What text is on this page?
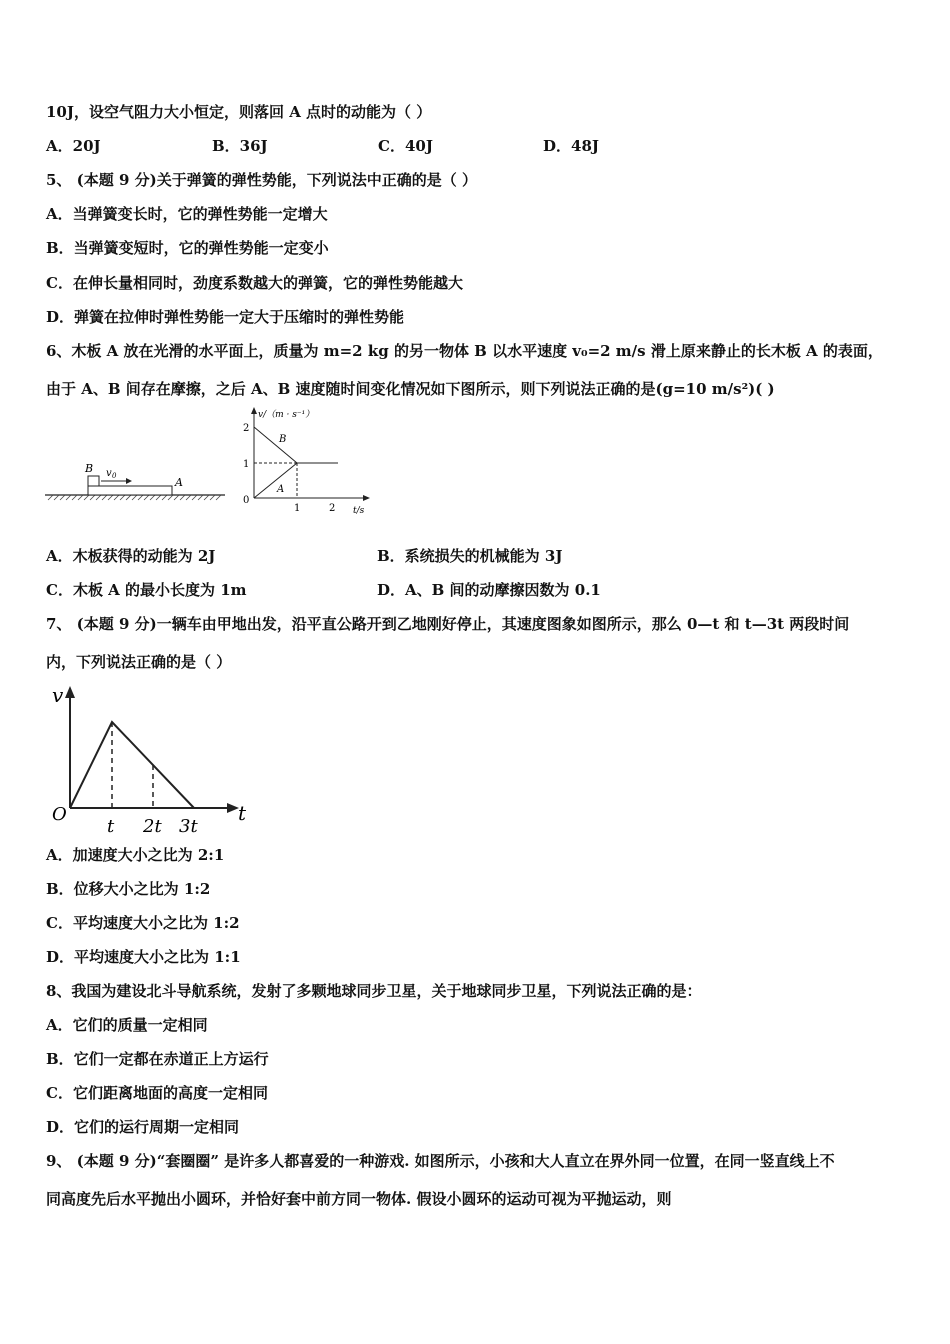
10J，设空气阻力大小恒定，则落回 A 点时的动能为（ ）
A．20J	B．36J	C．40J	D．48J
5、 (本题 9 分)关于弹簧的弹性势能，下列说法中正确的是（ ）
A．当弹簧变长时，它的弹性势能一定增大
B．当弹簧变短时，它的弹性势能一定变小
C．在伸长量相同时，劲度系数越大的弹簧，它的弹性势能越大
D．弹簧在拉伸时弹性势能一定大于压缩时的弹性势能
6、木板 A 放在光滑的水平面上，质量为 m=2 kg 的另一物体 B 以水平速度 v₀=2 m/s 滑上原来静止的长木板 A 的表面，
由于 A、B 间存在摩擦，之后 A、B 速度随时间变化情况如下图所示，则下列说法正确的是(g=10 m/s²)( )
B v 0	A
v/（m · s⁻¹）
t/s
2
1
0
1	2
B
A
A．木板获得的动能为 2J	B．系统损失的机械能为 3J
C．木板 A 的最小长度为 1m	D．A、B 间的动摩擦因数为 0.1
7、 (本题 9 分)一辆车由甲地出发，沿平直公路开到乙地刚好停止，其速度图象如图所示，那么 0—t 和 t—3t 两段时间
内，下列说法正确的是（ ）
v
t
O
t 2t 3t
A．加速度大小之比为 2:1
B．位移大小之比为 1:2
C．平均速度大小之比为 1:2
D．平均速度大小之比为 1:1
8、我国为建设北斗导航系统，发射了多颗地球同步卫星，关于地球同步卫星，下列说法正确的是：
A．它们的质量一定相同
B．它们一定都在赤道正上方运行
C．它们距离地面的高度一定相同
D．它们的运行周期一定相同
9、 (本题 9 分)“套圈圈” 是许多人都喜爱的一种游戏. 如图所示，小孩和大人直立在界外同一位置，在同一竖直线上不
同高度先后水平抛出小圆环，并恰好套中前方同一物体. 假设小圆环的运动可视为平抛运动，则
